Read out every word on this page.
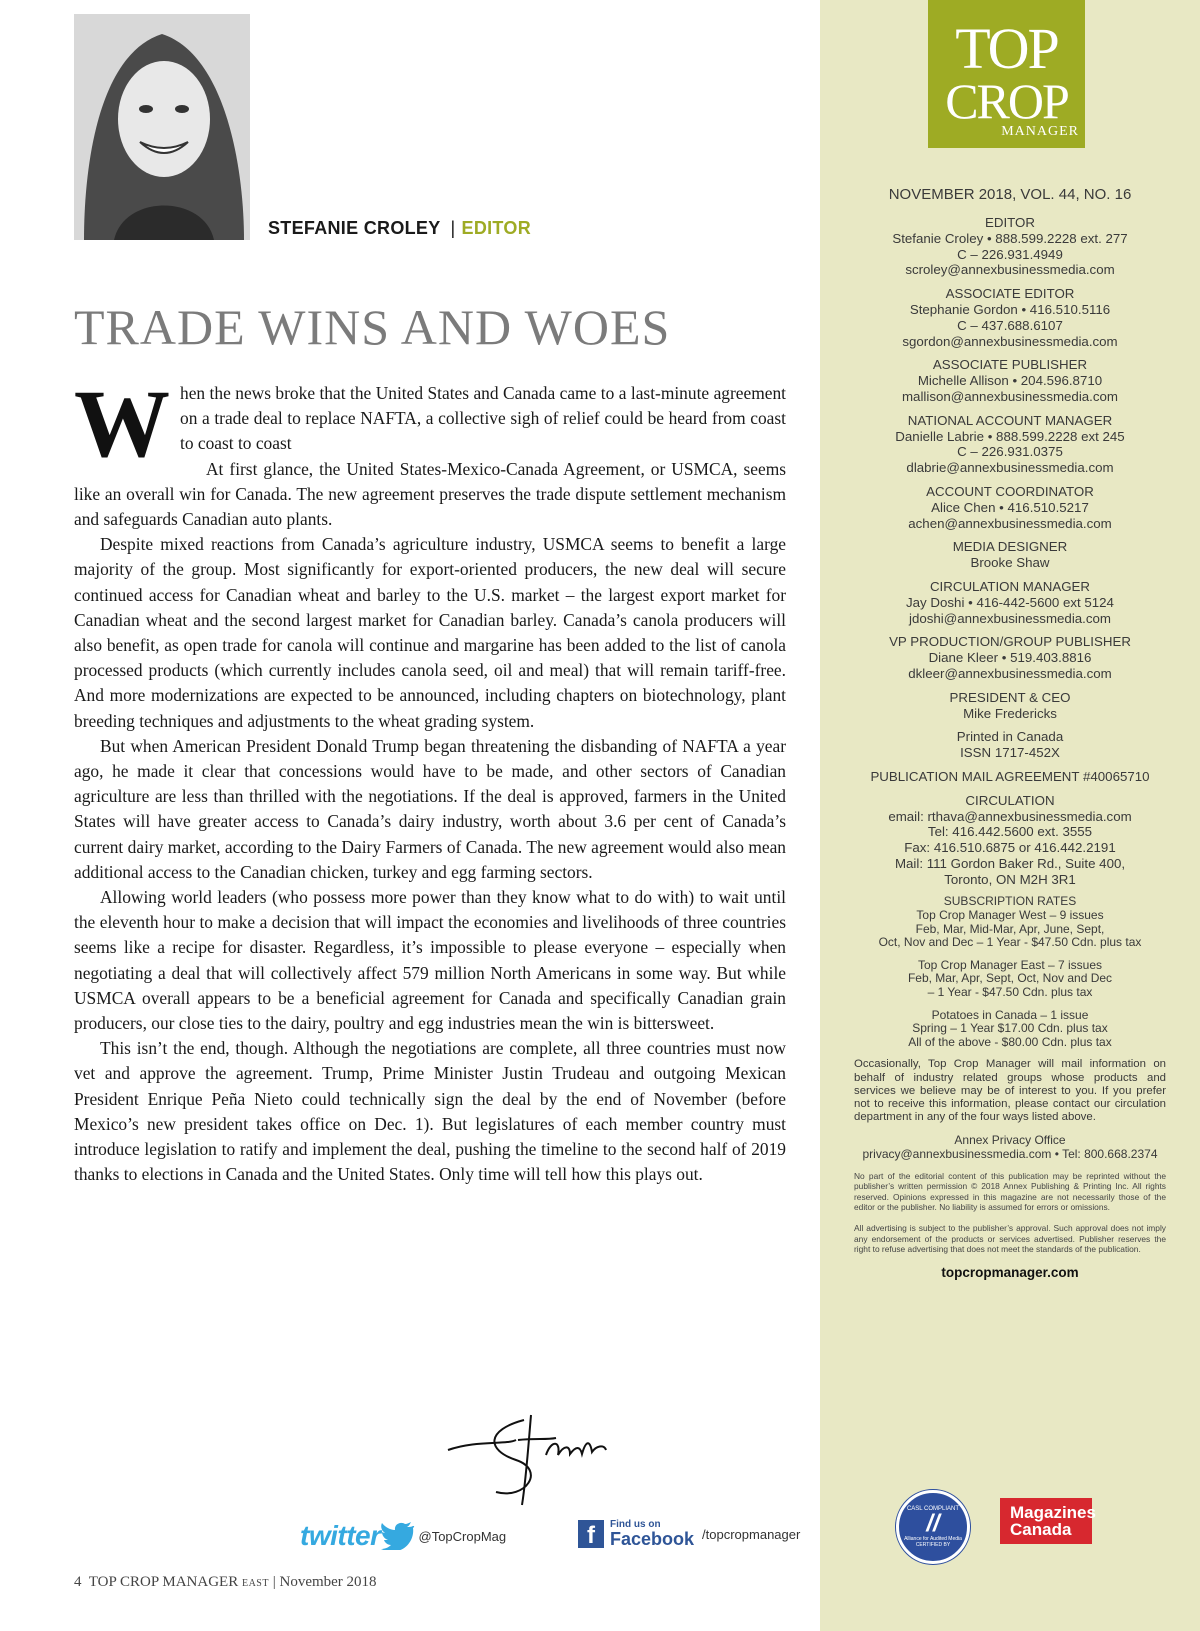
STEFANIE CROLEY | EDITOR
TRADE WINS AND WOES

When the news broke that the United States and Canada came to a last-minute agreement on a trade deal to replace NAFTA, a collective sigh of relief could be heard from coast to coast to coast

At first glance, the United States-Mexico-Canada Agreement, or USMCA, seems like an overall win for Canada. The new agreement preserves the trade dispute settlement mechanism and safeguards Canadian auto plants.

Despite mixed reactions from Canada’s agriculture industry, USMCA seems to benefit a large majority of the group. Most significantly for export-oriented producers, the new deal will secure continued access for Canadian wheat and barley to the U.S. market – the largest export market for Canadian wheat and the second largest market for Canadian barley. Canada’s canola producers will also benefit, as open trade for canola will continue and margarine has been added to the list of canola processed products (which currently includes canola seed, oil and meal) that will remain tariff-free. And more modernizations are expected to be announced, including chapters on biotechnology, plant breeding techniques and adjustments to the wheat grading system.

But when American President Donald Trump began threatening the disbanding of NAFTA a year ago, he made it clear that concessions would have to be made, and other sectors of Canadian agriculture are less than thrilled with the negotiations. If the deal is approved, farmers in the United States will have greater access to Canada’s dairy industry, worth about 3.6 per cent of Canada’s current dairy market, according to the Dairy Farmers of Canada. The new agreement would also mean additional access to the Canadian chicken, turkey and egg farming sectors.

Allowing world leaders (who possess more power than they know what to do with) to wait until the eleventh hour to make a decision that will impact the economies and livelihoods of three countries seems like a recipe for disaster. Regardless, it’s impossible to please everyone – especially when negotiating a deal that will collectively affect 579 million North Americans in some way. But while USMCA overall appears to be a beneficial agreement for Canada and specifically Canadian grain producers, our close ties to the dairy, poultry and egg industries mean the win is bittersweet.

This isn’t the end, though. Although the negotiations are complete, all three countries must now vet and approve the agreement. Trump, Prime Minister Justin Trudeau and outgoing Mexican President Enrique Peña Nieto could technically sign the deal by the end of November (before Mexico’s new president takes office on Dec. 1). But legislatures of each member country must introduce legislation to ratify and implement the deal, pushing the timeline to the second half of 2019 thanks to elections in Canada and the United States. Only time will tell how this plays out.

twitter	@TopCropMag	f	Find us on
Facebook /topcropmanager
4 TOP CROP MANAGER EAST | November 2018
TOP
CROP
MANAGER
NOVEMBER 2018, VOL. 44, NO. 16
EDITOR
Stefanie Croley • 888.599.2228 ext. 277
C – 226.931.4949
scroley@annexbusinessmedia.com
ASSOCIATE EDITOR
Stephanie Gordon • 416.510.5116
C – 437.688.6107
sgordon@annexbusinessmedia.com
ASSOCIATE PUBLISHER
Michelle Allison • 204.596.8710
mallison@annexbusinessmedia.com
NATIONAL ACCOUNT MANAGER
Danielle Labrie • 888.599.2228 ext 245
C – 226.931.0375
dlabrie@annexbusinessmedia.com
ACCOUNT COORDINATOR
Alice Chen • 416.510.5217
achen@annexbusinessmedia.com
MEDIA DESIGNER
Brooke Shaw
CIRCULATION MANAGER
Jay Doshi • 416-442-5600 ext 5124
jdoshi@annexbusinessmedia.com
VP PRODUCTION/GROUP PUBLISHER
Diane Kleer • 519.403.8816
dkleer@annexbusinessmedia.com
PRESIDENT & CEO
Mike Fredericks
Printed in Canada
ISSN 1717-452X
PUBLICATION MAIL AGREEMENT #40065710
CIRCULATION
email: rthava@annexbusinessmedia.com
Tel: 416.442.5600 ext. 3555
Fax: 416.510.6875 or 416.442.2191
Mail: 111 Gordon Baker Rd., Suite 400,
Toronto, ON M2H 3R1
SUBSCRIPTION RATES
Top Crop Manager West – 9 issues
Feb, Mar, Mid-Mar, Apr, June, Sept,
Oct, Nov and Dec – 1 Year - $47.50 Cdn. plus tax
Top Crop Manager East – 7 issues
Feb, Mar, Apr, Sept, Oct, Nov and Dec
– 1 Year - $47.50 Cdn. plus tax
Potatoes in Canada – 1 issue
Spring – 1 Year $17.00 Cdn. plus tax
All of the above - $80.00 Cdn. plus tax
Occasionally, Top Crop Manager will mail information on behalf of industry related groups whose products and services we believe may be of interest to you. If you prefer not to receive this information, please contact our circulation department in any of the four ways listed above.
Annex Privacy Office
privacy@annexbusinessmedia.com • Tel: 800.668.2374
No part of the editorial content of this publication may be reprinted without the publisher’s written permission © 2018 Annex Publishing & Printing Inc. All rights reserved. Opinions expressed in this magazine are not necessarily those of the editor or the publisher. No liability is assumed for errors or omissions.
All advertising is subject to the publisher’s approval. Such approval does not imply any endorsement of the products or services advertised. Publisher reserves the right to refuse advertising that does not meet the standards of the publication.
topcropmanager.com
CASL COMPLIANT
//
Alliance for Audited Media
CERTIFIED BY
Magazines
Canada
